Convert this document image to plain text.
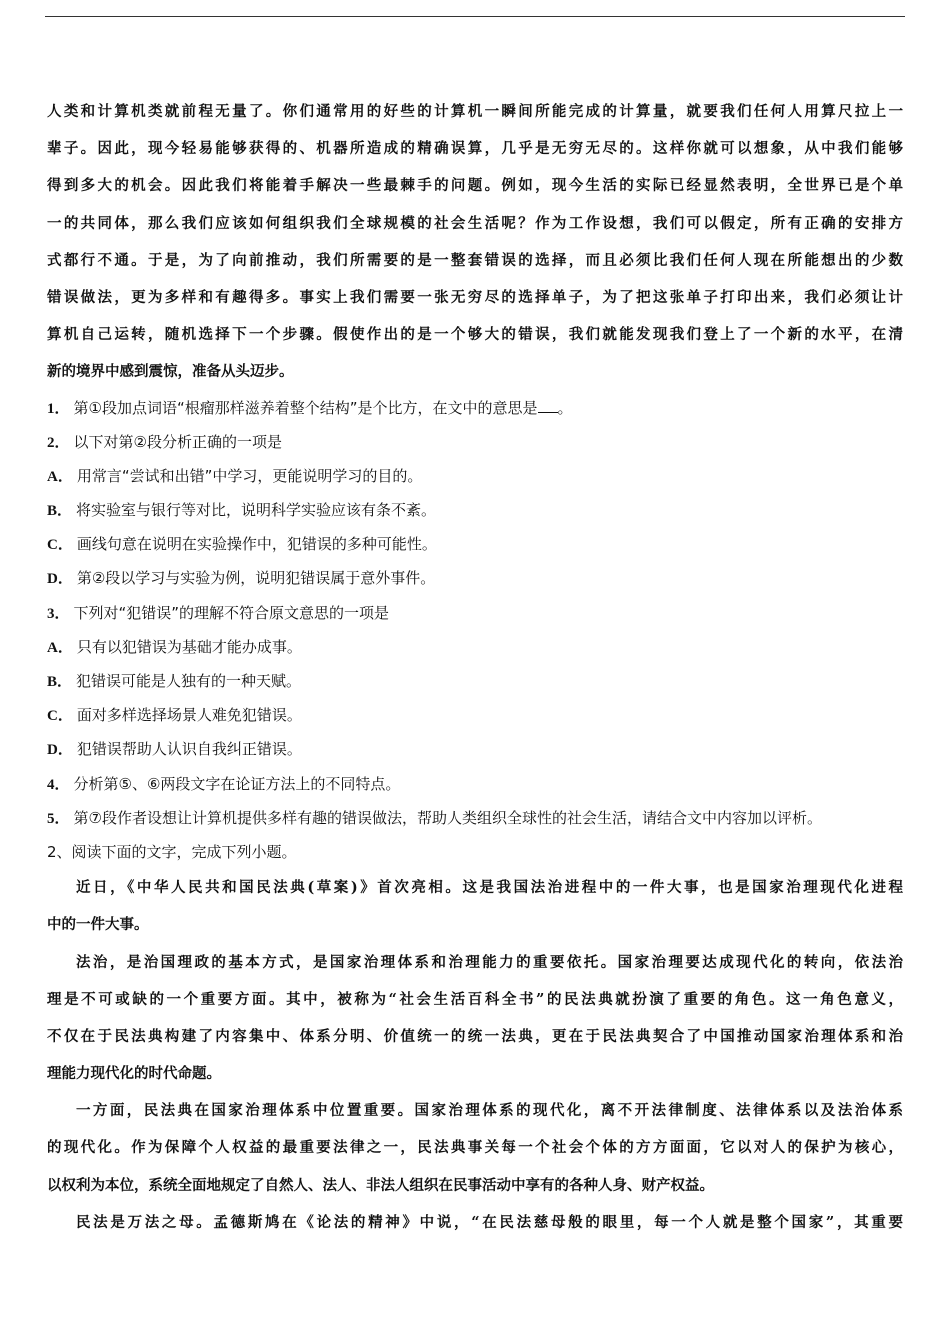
人类和计算机类就前程无量了。你们通常用的好些的计算机一瞬间所能完成的计算量，就要我们任何人用算尺拉上一
辈子。因此，现今轻易能够获得的、机器所造成的精确误算，几乎是无穷无尽的。这样你就可以想象，从中我们能够
得到多大的机会。因此我们将能着手解决一些最棘手的问题。例如，现今生活的实际已经显然表明，全世界已是个单
一的共同体，那么我们应该如何组织我们全球规模的社会生活呢？作为工作设想，我们可以假定，所有正确的安排方
式都行不通。于是，为了向前推动，我们所需要的是一整套错误的选择，而且必须比我们任何人现在所能想出的少数
错误做法，更为多样和有趣得多。事实上我们需要一张无穷尽的选择单子，为了把这张单子打印出来，我们必须让计
算机自己运转，随机选择下一个步骤。假使作出的是一个够大的错误，我们就能发现我们登上了一个新的水平，在清
新的境界中感到震惊，准备从头迈步。
1． 第①段加点词语“根瘤那样滋养着整个结构”是个比方，在文中的意思是 。
2． 以下对第②段分析正确的一项是
A． 用常言“尝试和出错”中学习，更能说明学习的目的。
B． 将实验室与银行等对比，说明科学实验应该有条不紊。
C． 画线句意在说明在实验操作中，犯错误的多种可能性。
D． 第②段以学习与实验为例，说明犯错误属于意外事件。
3． 下列对“犯错误”的理解不符合原文意思的一项是
A． 只有以犯错误为基础才能办成事。
B． 犯错误可能是人独有的一种天赋。
C． 面对多样选择场景人难免犯错误。
D． 犯错误帮助人认识自我纠正错误。
4． 分析第⑤、⑥两段文字在论证方法上的不同特点。
5． 第⑦段作者设想让计算机提供多样有趣的错误做法，帮助人类组织全球性的社会生活，请结合文中内容加以评析。
2、阅读下面的文字，完成下列小题。
近日，《中华人民共和国民法典(草案)》首次亮相。这是我国法治进程中的一件大事，也是国家治理现代化进程
中的一件大事。
法治，是治国理政的基本方式，是国家治理体系和治理能力的重要依托。国家治理要达成现代化的转向，依法治
理是不可或缺的一个重要方面。其中，被称为“社会生活百科全书”的民法典就扮演了重要的角色。这一角色意义，
不仅在于民法典构建了内容集中、体系分明、价值统一的统一法典，更在于民法典契合了中国推动国家治理体系和治
理能力现代化的时代命题。
一方面，民法典在国家治理体系中位置重要。国家治理体系的现代化，离不开法律制度、法律体系以及法治体系
的现代化。作为保障个人权益的最重要法律之一，民法典事关每一个社会个体的方方面面，它以对人的保护为核心，
以权利为本位，系统全面地规定了自然人、法人、非法人组织在民事活动中享有的各种人身、财产权益。
民法是万法之母。孟德斯鸠在《论法的精神》中说，“在民法慈母般的眼里，每一个人就是整个国家”，其重要
